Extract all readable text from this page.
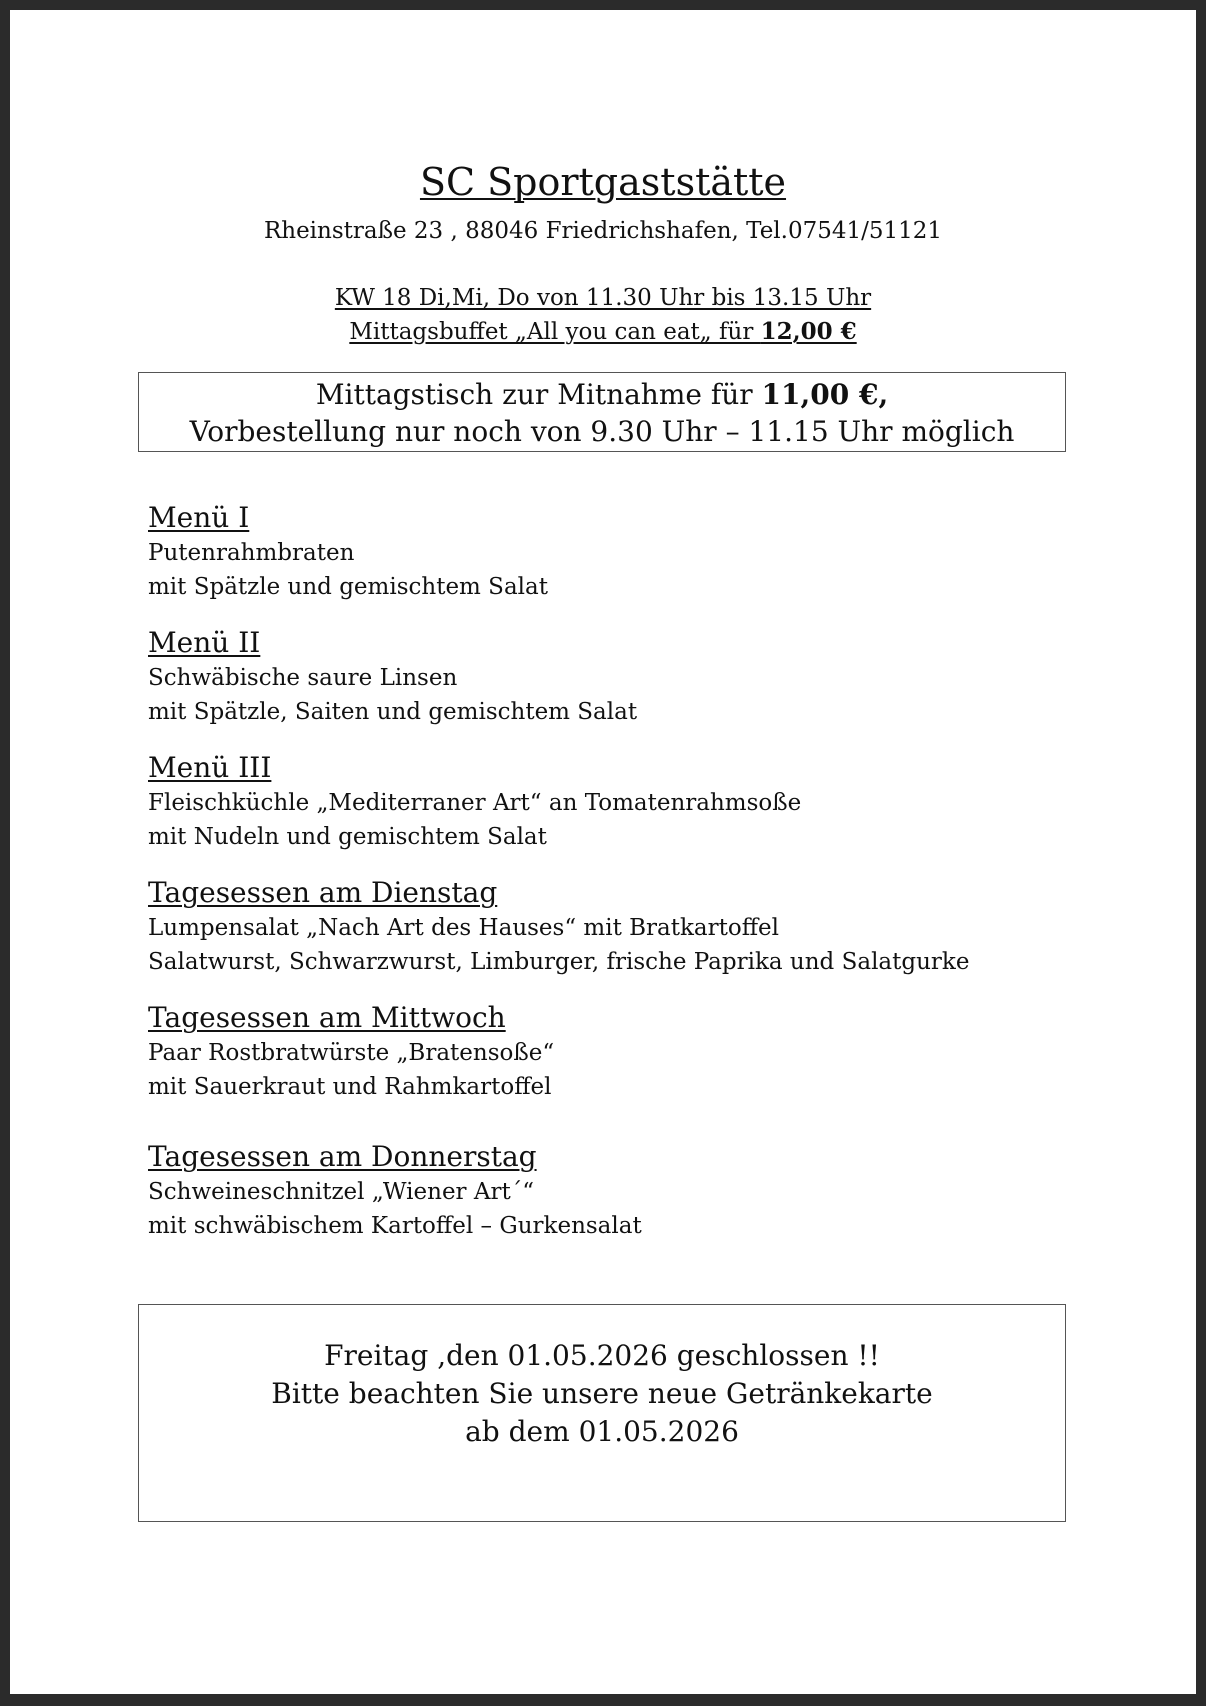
SC Sportgaststätte
Rheinstraße 23 , 88046 Friedrichshafen, Tel.07541/51121
KW 18 Di,Mi, Do von 11.30 Uhr bis 13.15 Uhr
Mittagsbuffet „All you can eat„ für 12,00 €
Mittagstisch zur Mitnahme für 11,00 €,
Vorbestellung nur noch von 9.30 Uhr – 11.15 Uhr möglich
Menü I
Putenrahmbraten
mit Spätzle und gemischtem Salat
Menü II
Schwäbische saure Linsen
mit Spätzle, Saiten und gemischtem Salat
Menü III
Fleischküchle „Mediterraner Art“ an Tomatenrahmsoße
mit Nudeln und gemischtem Salat
Tagesessen am Dienstag
Lumpensalat „Nach Art des Hauses“ mit Bratkartoffel
Salatwurst, Schwarzwurst, Limburger, frische Paprika und Salatgurke
Tagesessen am Mittwoch
Paar Rostbratwürste „Bratensoße“
mit Sauerkraut und Rahmkartoffel
Tagesessen am Donnerstag
Schweineschnitzel „Wiener Art´“
mit schwäbischem Kartoffel – Gurkensalat
Freitag ,den 01.05.2026 geschlossen !!
Bitte beachten Sie unsere neue Getränkekarte
ab dem 01.05.2026
